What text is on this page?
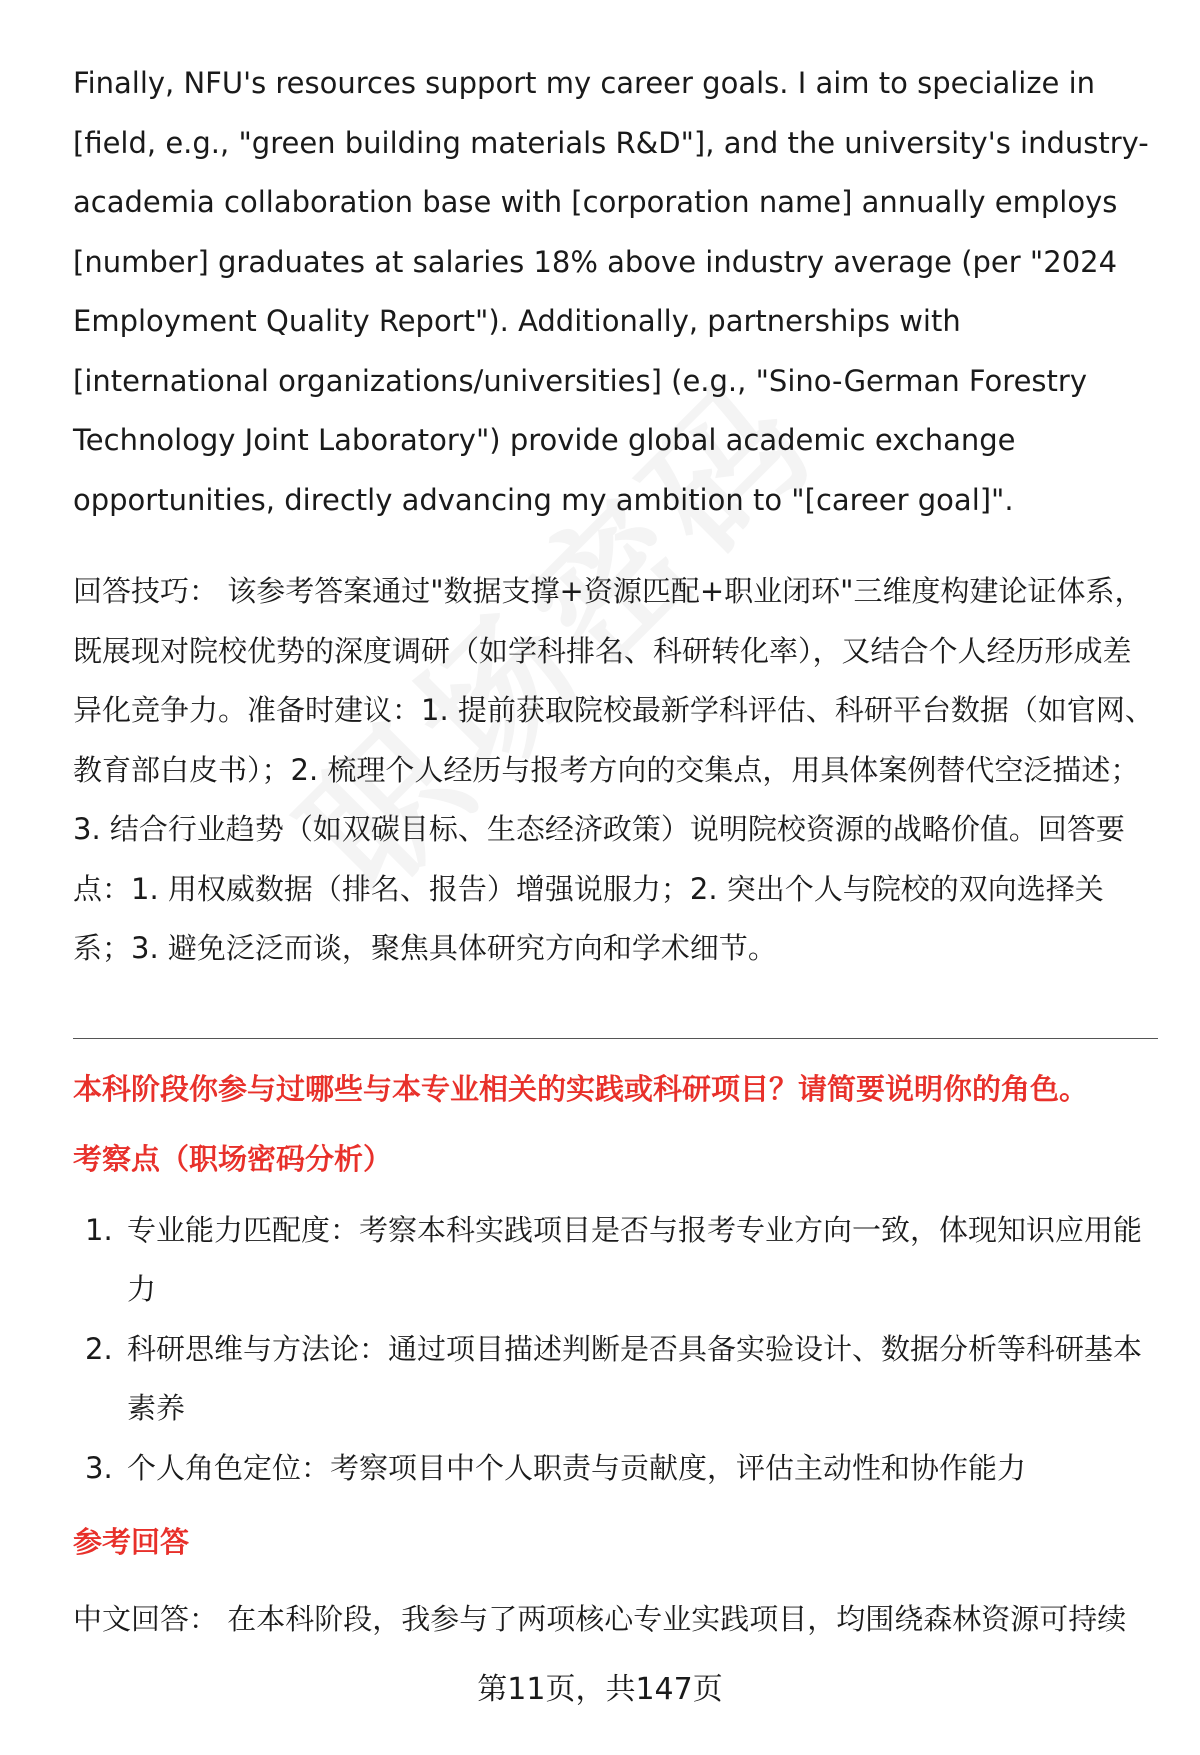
Finally, NFU's resources support my career goals. I aim to specialize in [field, e.g., "green building materials R&D"], and the university's industry-academia collaboration base with [corporation name] annually employs [number] graduates at salaries 18% above industry average (per "2024 Employment Quality Report"). Additionally, partnerships with [international organizations/universities] (e.g., "Sino-German Forestry Technology Joint Laboratory") provide global academic exchange opportunities, directly advancing my ambition to "[career goal]".

回答技巧： 该参考答案通过"数据支撑+资源匹配+职业闭环"三维度构建论证体系，既展现对院校优势的深度调研（如学科排名、科研转化率），又结合个人经历形成差异化竞争力。准备时建议：1. 提前获取院校最新学科评估、科研平台数据（如官网、教育部白皮书）；2. 梳理个人经历与报考方向的交集点，用具体案例替代空泛描述；3. 结合行业趋势（如双碳目标、生态经济政策）说明院校资源的战略价值。回答要点：1. 用权威数据（排名、报告）增强说服力；2. 突出个人与院校的双向选择关系；3. 避免泛泛而谈，聚焦具体研究方向和学术细节。

本科阶段你参与过哪些与本专业相关的实践或科研项目？请简要说明你的角色。
考察点（职场密码分析）
1. 专业能力匹配度：考察本科实践项目是否与报考专业方向一致，体现知识应用能力
2. 科研思维与方法论：通过项目描述判断是否具备实验设计、数据分析等科研基本素养
3. 个人角色定位：考察项目中个人职责与贡献度，评估主动性和协作能力
参考回答

中文回答： 在本科阶段，我参与了两项核心专业实践项目，均围绕森林资源可持续

第11页，共147页
